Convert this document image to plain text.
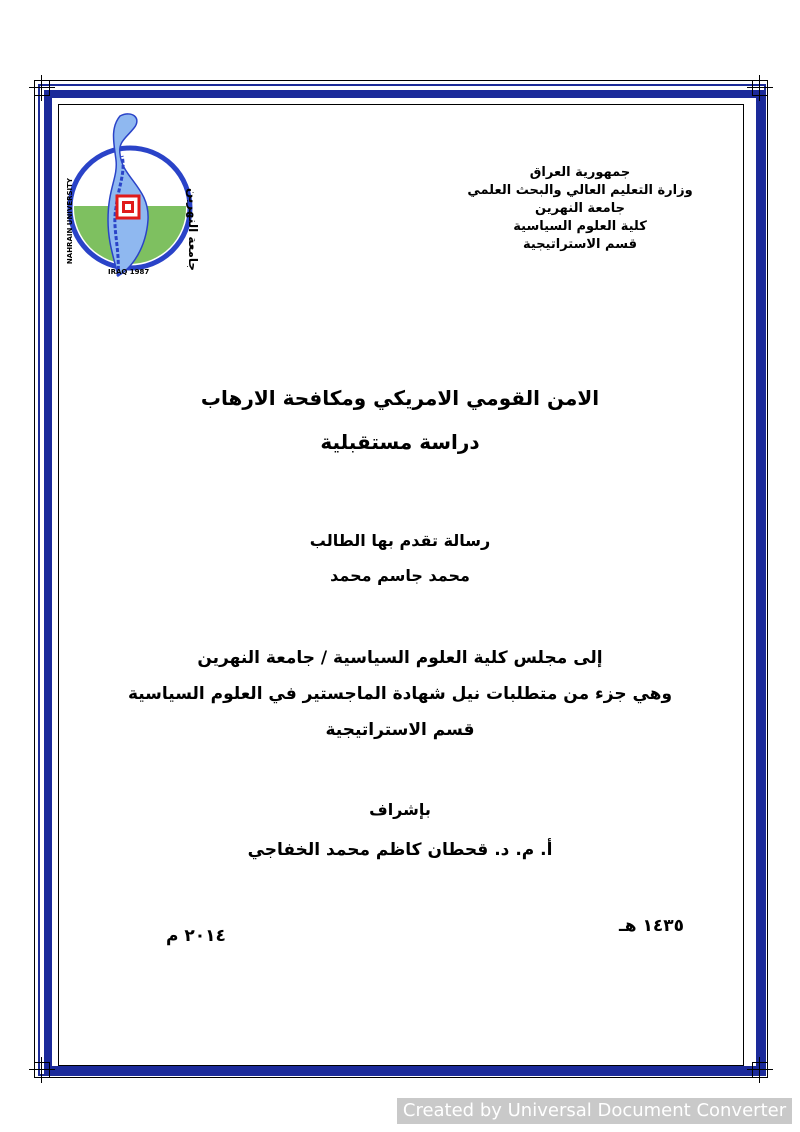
جامعة النهرين
NAHRAIN UNIVERSITY
IRAQ 1987
جمهورية العراق
وزارة التعليم العالي والبحث العلمي
جامعة النهرين
كلية العلوم السياسية
قسم الاستراتيجية
الامن القومي الامريكي ومكافحة الارهاب
دراسة مستقبلية
رسالة تقدم بها الطالب
محمد جاسم محمد
إلى مجلس كلية العلوم السياسية / جامعة النهرين
وهي جزء من متطلبات نيل شهادة الماجستير في العلوم السياسية
قسم الاستراتيجية
بإشراف
أ. م. د. قحطان كاظم محمد الخفاجي
١٤٣٥ هـ
٢٠١٤ م
Created by Universal Document Converter
